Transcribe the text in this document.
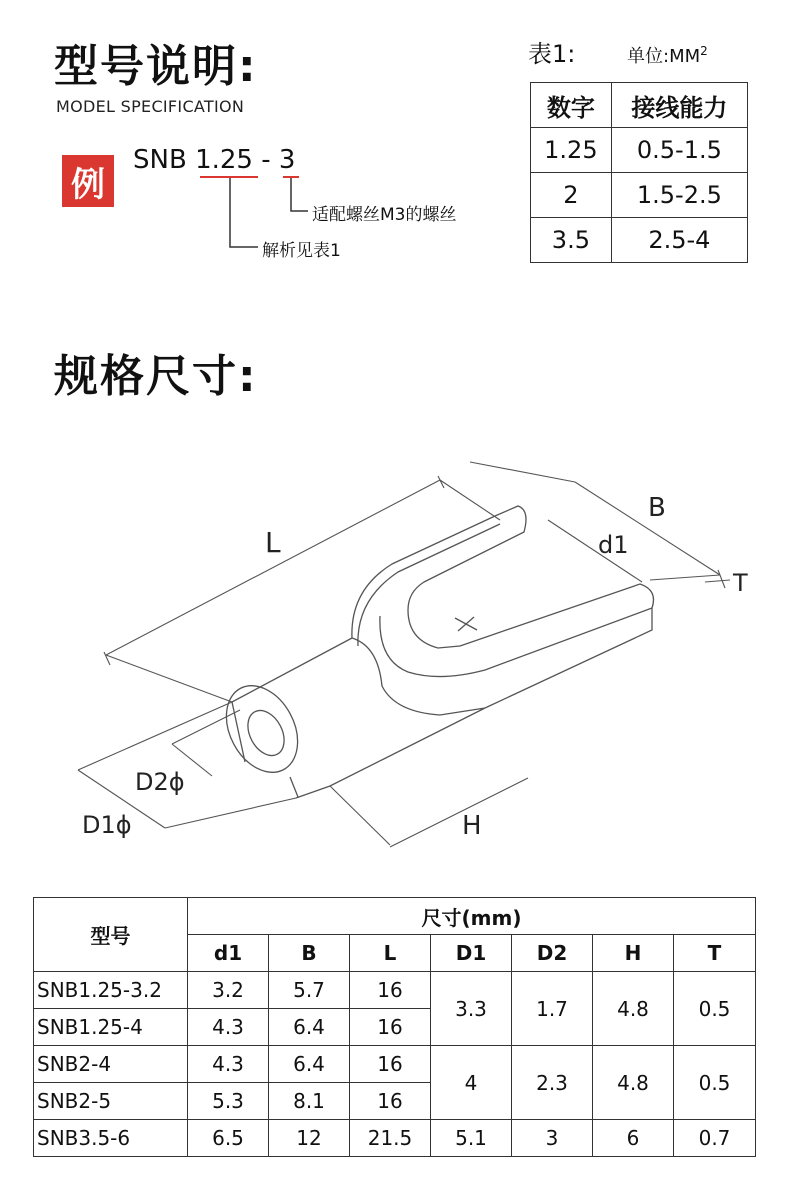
型号说明:
MODEL SPECIFICATION
例
SNB 1.25 - 3
适配螺丝M3的螺丝
解析见表1
表1:	单位$:MM^2$
数字	接线能力
1.25	0.5-1.5
2	1.5-2.5
3.5	2.5-4
规格尺寸:
L
B
d1
T
H
D2ϕ
D1ϕ
型号	尺寸(mm)						
	d1	B	L	D1	D2	H	T
SNB1.25-3.2	3.2	5.7	16	3.3	1.7	4.8	0.5
SNB1.25-4	4.3	6.4	16				
SNB2-4	4.3	6.4	16	4	2.3	4.8	0.5
SNB2-5	5.3	8.1	16				
SNB3.5-6	6.5	12	21.5	5.1	3	6	0.7
